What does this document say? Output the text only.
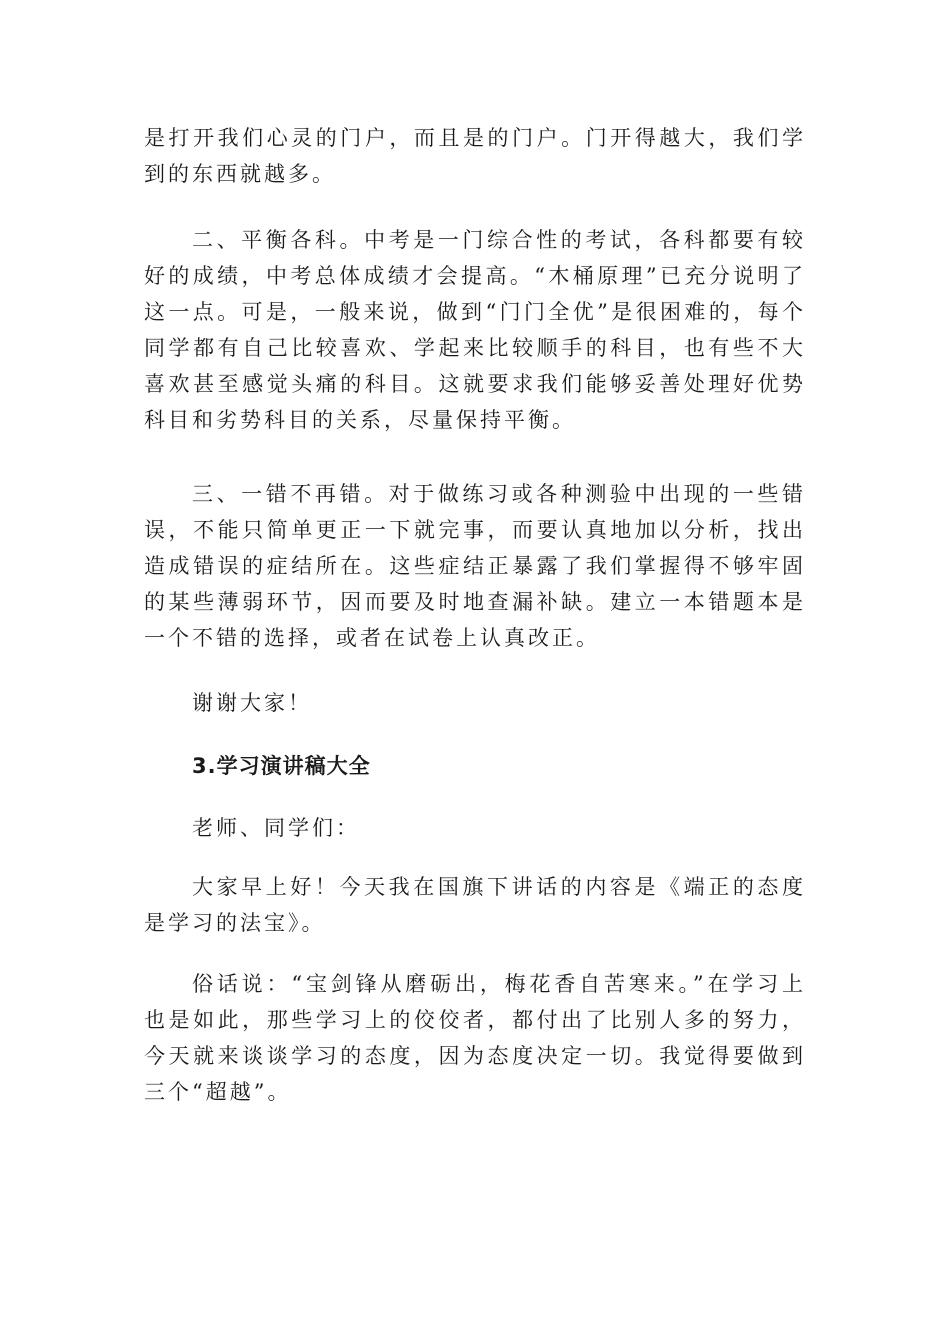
是打开我们心灵的门户，而且是的门户。门开得越大，我们学到的东西就越多。

二、平衡各科。中考是一门综合性的考试，各科都要有较好的成绩，中考总体成绩才会提高。“木桶原理”已充分说明了这一点。可是，一般来说，做到“门门全优”是很困难的，每个同学都有自己比较喜欢、学起来比较顺手的科目，也有些不大喜欢甚至感觉头痛的科目。这就要求我们能够妥善处理好优势科目和劣势科目的关系，尽量保持平衡。

三、一错不再错。对于做练习或各种测验中出现的一些错误，不能只简单更正一下就完事，而要认真地加以分析，找出造成错误的症结所在。这些症结正暴露了我们掌握得不够牢固的某些薄弱环节，因而要及时地查漏补缺。建立一本错题本是一个不错的选择，或者在试卷上认真改正。

谢谢大家！

3.学习演讲稿大全

老师、同学们：

大家早上好！今天我在国旗下讲话的内容是《端正的态度是学习的法宝》。

俗话说：“宝剑锋从磨砺出，梅花香自苦寒来。”在学习上也是如此，那些学习上的佼佼者，都付出了比别人多的努力，今天就来谈谈学习的态度，因为态度决定一切。我觉得要做到三个“超越”。
